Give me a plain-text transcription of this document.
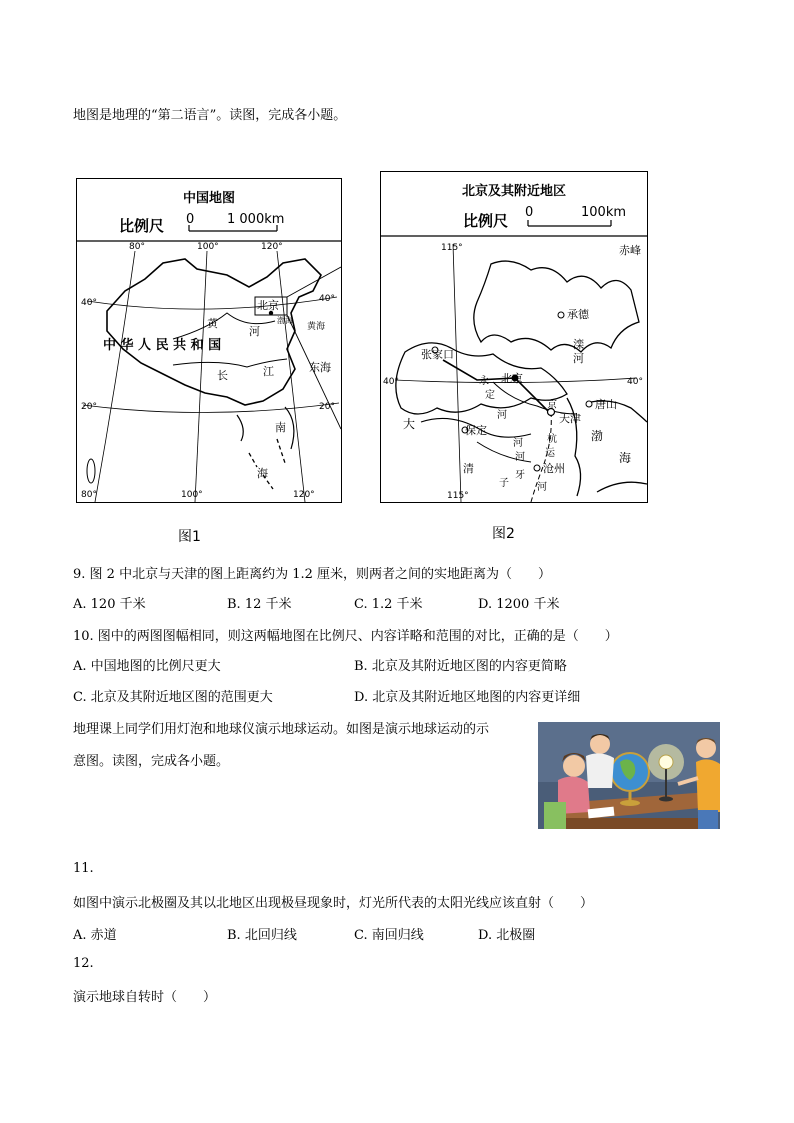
地图是地理的“第二语言”。读图，完成各小题。
中国地图
比例尺 0	1 000km
80°	100°	120°
40°
20°
40°
20°
80°	100°	120°
北京
渤海
黄海
黄
河
中 华 人 民 共 和 国
东海
长	江
南
海
图1
北京及其附近地区
比例尺 0	100km
115°
115°
40°	40°
赤峰
承德
张家口
滦
河
北京
永
定
河
京
天津
唐山
大	保定	渤
海
杭
运
河
沧州
清
牙
子
河
河
图2
9. 图 2 中北京与天津的图上距离约为 1.2 厘米，则两者之间的实地距离为（　　）
A. 120 千米	B. 12 千米	C. 1.2 千米	D. 1200 千米
10. 图中的两图图幅相同，则这两幅地图在比例尺、内容详略和范围的对比，正确的是（　　）
A. 中国地图的比例尺更大	B. 北京及其附近地区图的内容更简略
C. 北京及其附近地区图的范围更大	D. 北京及其附近地区地图的内容更详细
地理课上同学们用灯泡和地球仪演示地球运动。如图是演示地球运动的示
意图。读图，完成各小题。
11.
如图中演示北极圈及其以北地区出现极昼现象时，灯光所代表的太阳光线应该直射（　　）
A. 赤道	B. 北回归线	C. 南回归线	D. 北极圈
12.
演示地球自转时（　　）
